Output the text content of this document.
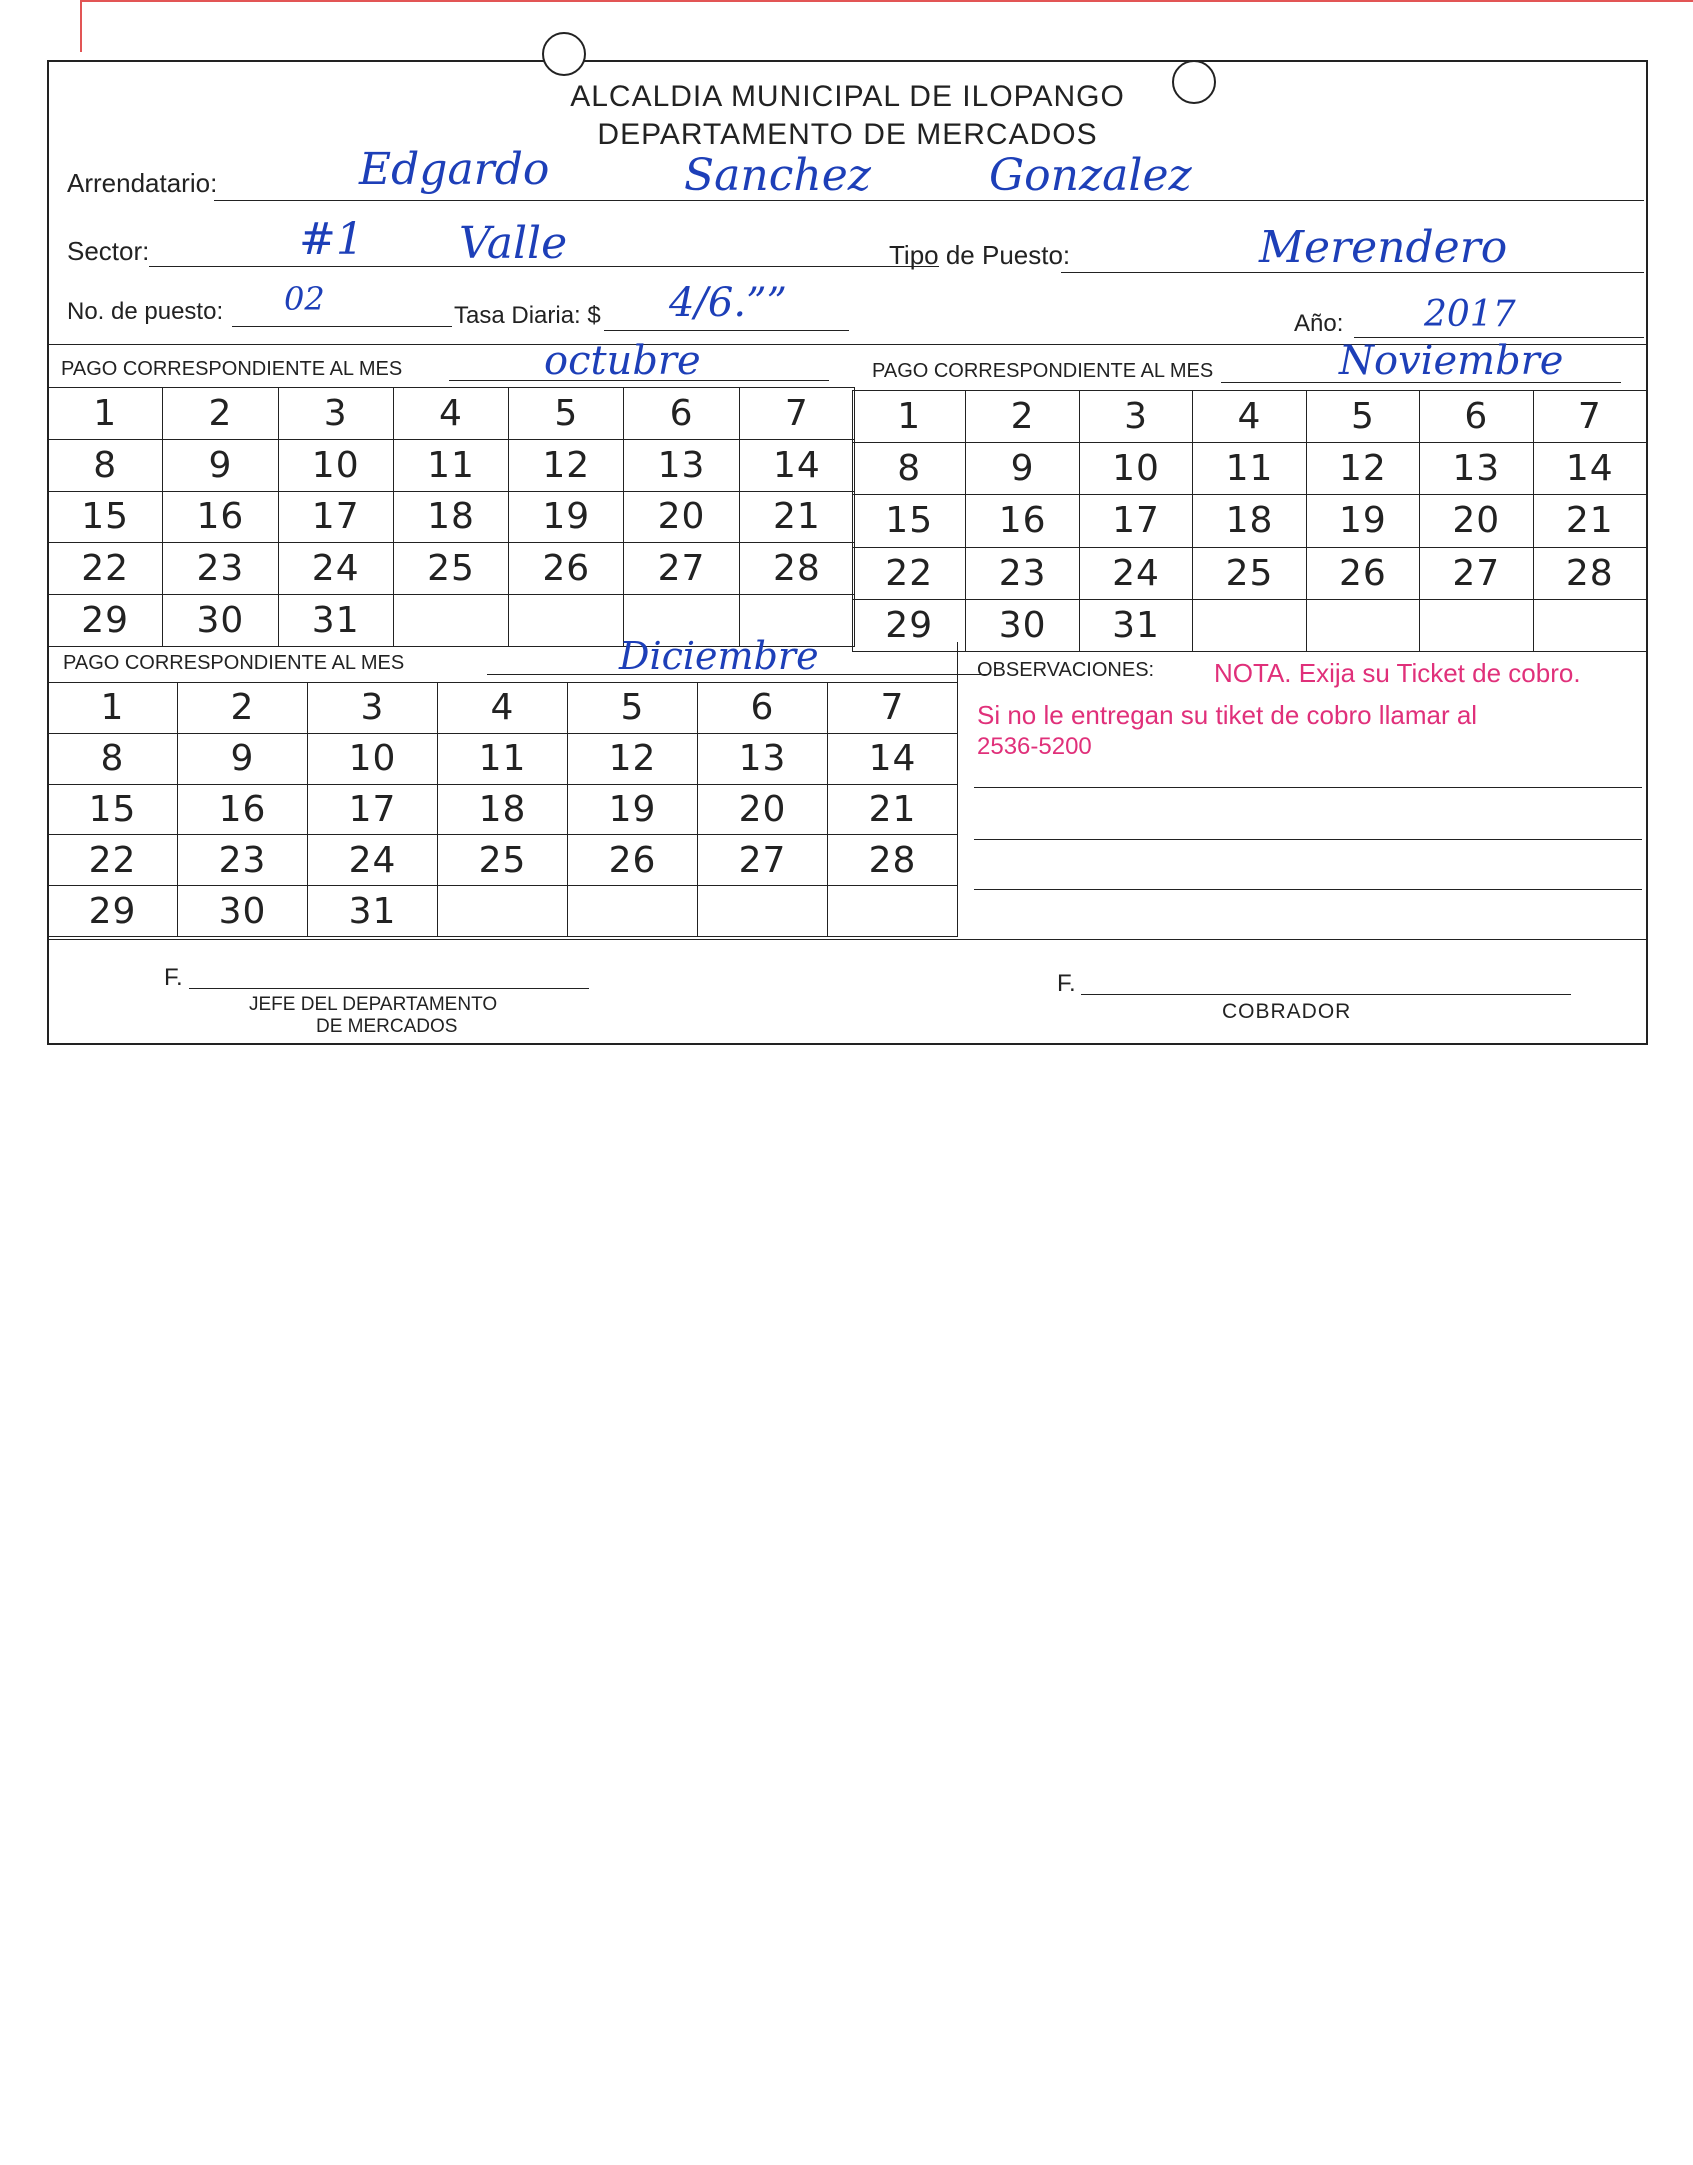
ALCALDIA MUNICIPAL DE ILOPANGO
DEPARTAMENTO DE MERCADOS
Arrendatario:	Edgardo	Sanchez	Gonzalez
Sector:	#1 Valle	Tipo de Puesto:	Merendero
No. de puesto: 02	Tasa Diaria: $ 4/6.””	Año: 2017
PAGO CORRESPONDIENTE AL MES	octubre	PAGO CORRESPONDIENTE AL MES	Noviembre
1	2	3	4	5	6	7
8	9	10	11	12	13	14
15	16	17	18	19	20	21
22	23	24	25	26	27	28
29	30	31				
1	2	3	4	5	6	7
8	9	10	11	12	13	14
15	16	17	18	19	20	21
22	23	24	25	26	27	28
29	30	31				
PAGO CORRESPONDIENTE AL MES	Diciembre
1	2	3	4	5	6	7
8	9	10	11	12	13	14
15	16	17	18	19	20	21
22	23	24	25	26	27	28
29	30	31				
OBSERVACIONES: NOTA. Exija su Ticket de cobro.
Si no le entregan su tiket de cobro llamar al
2536-5200
F.
JEFE DEL DEPARTAMENTO
DE MERCADOS
F.
COBRADOR
